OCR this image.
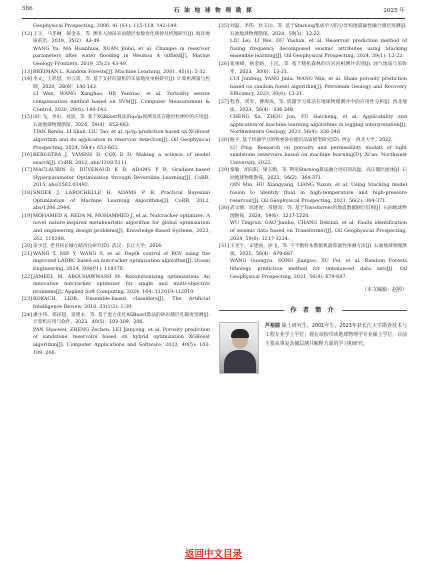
586	石 油 地 球 物 理 勘 探	2025 年
Geophysical Prospecting, 2006, 41 (S1): 115-118, 142-149.
[12]王玉，马华琳，郝金来，等. 测井入油田未南储层参数变化规律及机理研究[J]. 海洋地质前沿，2019，35(2)：43-49.
WANG Yu, MA Huanhuai, XUAN Jinlai, et al. Changes in reservoir parameters after water flooding in Weuhou A oilfield[J]. Marine Geology Frontiers, 2019, 35(2): 43-49.
[13]BREIMAN L. Random Forests[J]. Machine Learning, 2001, 45(1): 5-32.
[14]李文，王鸿恩，何云霄，等. 基于支持向量机的未质地度单根研究[J]. 计算机测量与控制，2020，28(6)：140-143.
LI Wen, WANG Xanghao, HE Yunxiao, et al. Turbidity sensor compensation method based on SVM[J]. Computer Measurement & Control, 2020, 28(6): 140-143.
[15]田仁飞，李山，刘清，等. 基于XGBoost算法的q₃/q₄预测及其在储层检测中的应用[J]. 石油地球物理勘探，2024，59(4)：653-663.
TIAN Renfei, LI Shan, LIU Tao, et al. q₃/q₄ prediction based on XGBoost algorithm and its application in reservoir detection[J]. Oil Geophysical Prospecting, 2024, 59(4): 653-663.
[16]BERGSTRA J, YAMINS D, COX D D. Making a science of model search[J]. CoRR, 2012, abs/1209.5111.
[17]MACLAURIN D, DUVENAUD K D, ADAMS P R. Gradient-based Hyperparameter Optimization through Reversible Learning[J]. CoRR, 2015, abs/1502.03492.
[18]SNOEK J, LAROCHELLE H, ADAMS P R. Practical Bayesian Optimization of Machine Learning Algorithms[J]. CoRR, 2012, abs/1206.2944.
[19]MOHAMED A, REDA M, MOHAMMED J, et al. Nutcracker optimizer: A novel nature-inspired metaheuristic algorithm for global optimization and engineering design problems[J]. Knowledge-Based Systems, 2023, 262, 110248.
[20]雷少佳. 老君庙长城仓储改良研究[D]. 武汉：长江大学，2016.
[21]WANG T, NIE Y, WANG S, et al. Depth control of ROV using the improved LADRC based on nutcracker optimization algorithm[J]. Ocean Engineering, 2024, 309(P1): 118370.
[22]JAMEEL M, ABOUHAWWASH M. Revolutionizing optimization: An innovative nutcracker optimizer for single and multi-objective problems[J]. Applied Soft Computing, 2024, 164: 112019-112019.
[23]ROKACH, LIOR. Ensemble-based classifiers[J]. The Artificial Intelligence Review, 2010, 33(1/2): 1-39.
[24]潘少伟，郑泽超，雷建永，等. 基于混合优化XGBoost算法的砂岩储层孔隙度预测[J]. 计算机应用与软件，2023，40(5)：103-109，206.
PAN Shaowei, ZHENG Zechen, LEI Jianyong, et al. Porosity prediction of sandstone reservoirs based on hybrid optimization XGBoost algorithm[J]. Computer Applications and Software, 2023, 40(5): 103-109, 206.
[25]刘磊，李伟，杜玉山，等. 基于Stacking集成学习的分异构地震属性融合储层预测[J]. 石油地球物理勘探，2024，59(1)：12-22.
LIU Lei, LI Wei, DU Yushan, et al. Reservoir prediction method of fusing frequency decomposed seismic attributes using Stacking ensemble learning[J]. Oil Geophysical Prospecting, 2024, 59(1): 12-22.
[26]崔俊峰，杨金路，王民，等. 基于随机森林的页岩岩相测井识别[J]. 油气地质与采收率，2023，30(6)：13-21.
CUI Junfeng, YANG Jinlu, WANG Min, et al. Shale porosity prediction based on random forest algorithm[J]. Petroleum Geology and Recovery Efficiency, 2023, 30(6): 13-21.
[27]程春，周军，傅海成，等. 机器学习算法在地球物理测井中的应用性分析[J]. 西北地质，2023，56(4)：336-348.
CHENG Xu, ZHOU Jun, FU Haicheng, et al. Applicability and application of machine learning algorithms in logging interpretation[J]. Northwestern Geology, 2023, 56(4): 336-348.
[28]路平. 基于机器学习的致密砂岩储层品质模型研究[D]. 西安：西北大学，2022.
LU Ping. Research on porosity and permeability models of tight sandstone reservoirs based on machine learning[D]. Xi'an: Northwest University, 2022.
[29]秦敏，胡向阳，梁玉帆，等. 利用Stacking算法融合进识别高温、高压储层流体[J]. 石油地球物理勘探，2021，56(2)：364-371.
QIN Min, HU Xiangyang, LIANG Yuxun, et al. Using Stacking model fusion to identify fluid in high-temperature and high-pressure reservoir[J]. Oil Geophysical Prospecting, 2021, 56(2): 364-371.
[30]武文刚，高建虎，常德双，等. 基于Transformer的地震数据断层识别[J]. 石油地球物理勘探，2024，59(6)：1217-1224.
WU Tingrun, GAO Jianhu, CHANG Dekuan, et al. Faults identification of seismic data based on Transformer[J]. Oil Geophysical Prospecting, 2024, 59(6): 1217-1224.
[31]王光宇，宋建国，徐飞，等. 不平衡样本数据机器算器性预测方法[J]. 石油地球物理勘探，2021，56(4)：679-687.
WANG Guangyu, SONG Jianguo, XU Fei, et al. Random Forests lithology prediction method for imbalanced data sets[J]. Oil Geophysical Prospecting, 2021, 56(4): 679-687.
（本文编辑：赵婷）
作 者 简 介
芦裕圆 硕士研究生，2001年生；2023年获长江大学勘查技术与工程专业学士学位；现在该校攻读地球物理学专业硕士学位，目前主要从事复杂储层测井解释方面的学习和研究。
返回中文目录
